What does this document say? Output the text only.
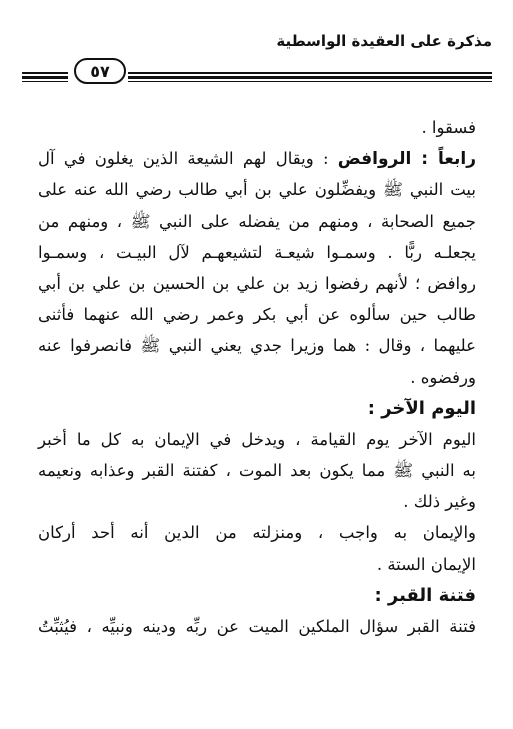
مذكرة على العقيدة الواسطية
٥٧
فسقوا .
رابعاً : الروافض : ويقال لهم الشيعة الذين يغلون في آل
بيت النبي ﷺ ويفضِّلون علي بن أبي طالب رضي الله عنه على
جميع الصحابة ، ومنهم من يفضله على النبي ﷺ ، ومنهم من
يجعلـه ربًّا . وسمـوا شيعـة لتشيعهـم لآل البيـت ، وسمـوا
روافض ؛ لأنهم رفضوا زيد بن علي بن الحسين بن علي بن أبي
طالب حين سألوه عن أبي بكر وعمر رضي الله عنهما فأثنى
عليهما ، وقال : هما وزيرا جدي يعني النبي ﷺ فانصرفوا عنه
ورفضوه .
اليوم الآخر :
اليوم الآخر يوم القيامة ، ويدخل في الإيمان به كل ما أخبر
به النبي ﷺ مما يكون بعد الموت ، كفتنة القبر وعذابه ونعيمه
وغير ذلك .
والإيمان به واجب ، ومنزلته من الدين أنه أحد أركان
الإيمان الستة .
فتنة القبر :
فتنة القبر سؤال الملكين الميت عن ربِّه ودينه ونبيِّه ، فيُثبِّتُ
